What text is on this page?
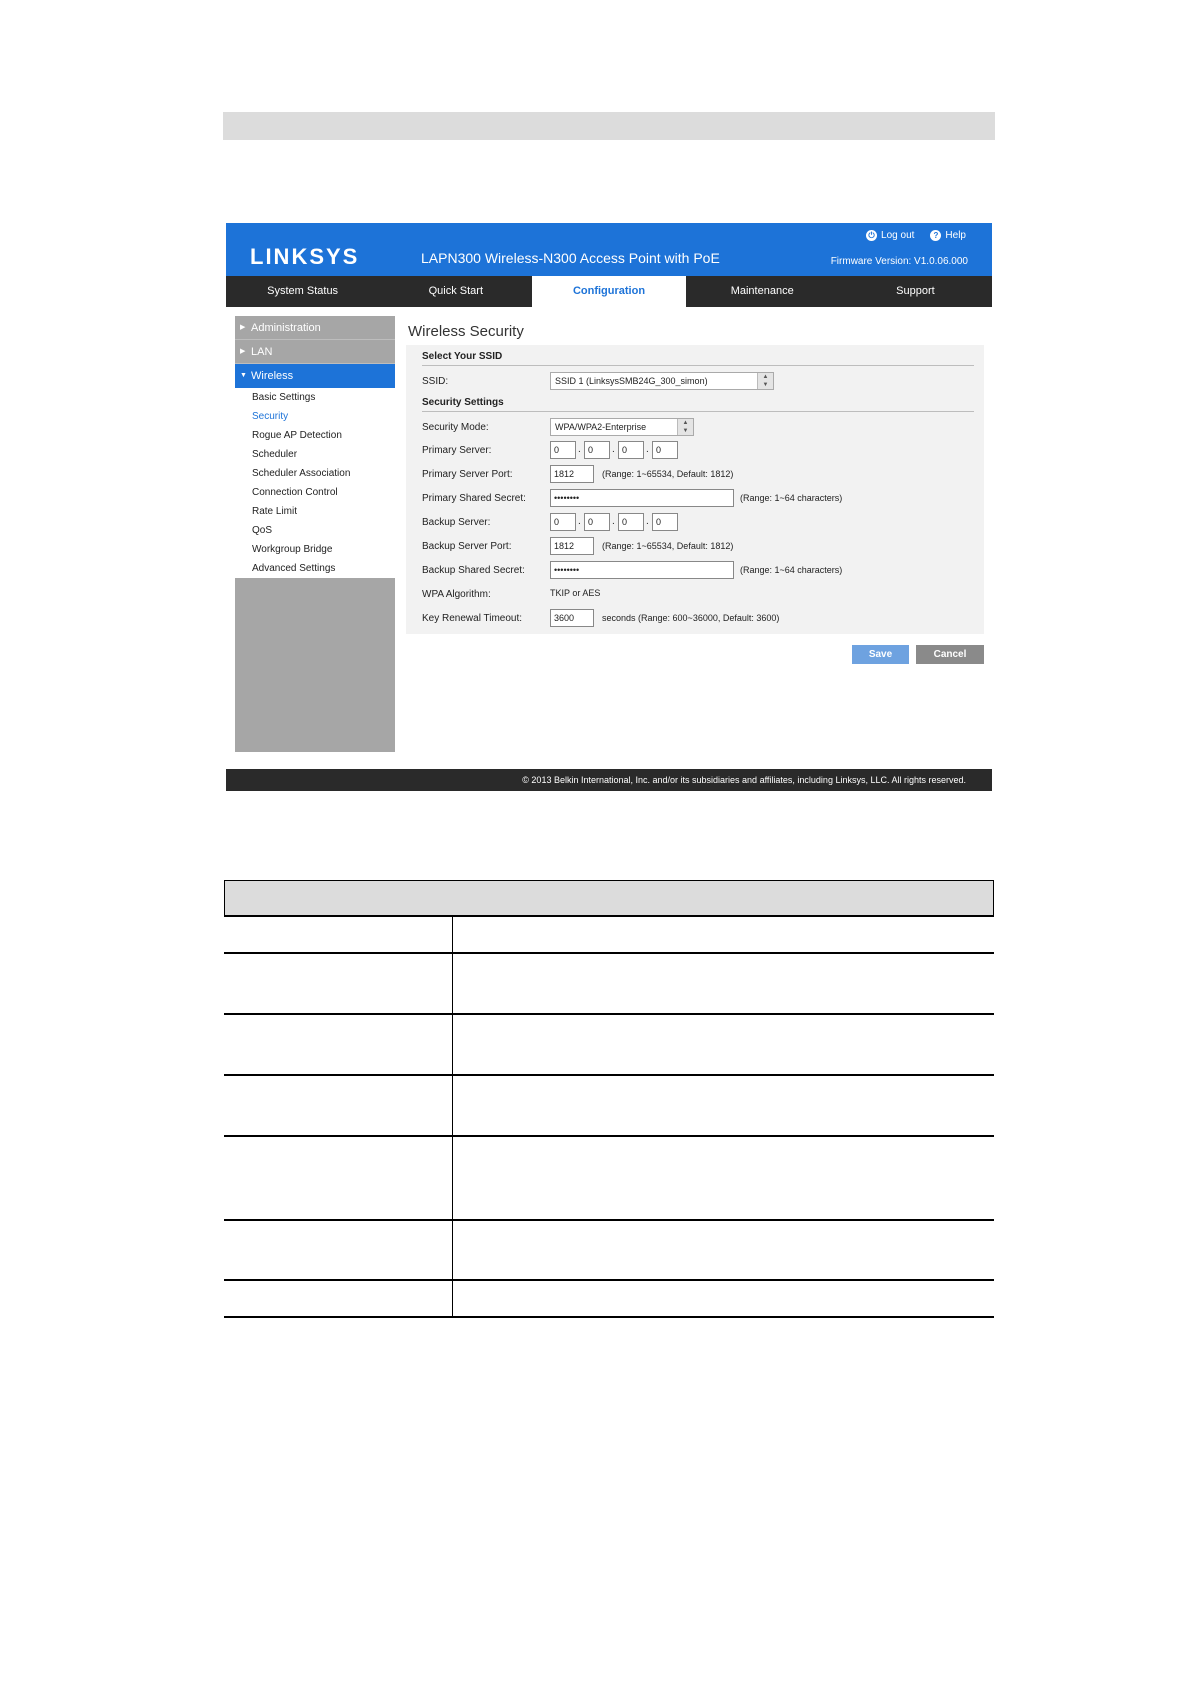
LINKSYS	LAPN300 Wireless-N300 Access Point with PoE
⏻ Log out	? Help
Firmware Version: V1.0.06.000
System Status	Quick Start	Configuration	Maintenance	Support
▶ Administration
▶ LAN
▼ Wireless
Basic Settings
Security
Rogue AP Detection
Scheduler
Scheduler Association
Connection Control
Rate Limit
QoS
Workgroup Bridge
Advanced Settings
Wireless Security
Select Your SSID
SSID:	SSID 1 (LinksysSMB24G_300_simon)	▲
▼
Security Settings
Security Mode:	WPA/WPA2-Enterprise	▲
▼
Primary Server:	0	. 0	. 0	. 0
Primary Server Port:	1812	(Range: 1~65534, Default: 1812)
Primary Shared Secret:	••••••••	(Range: 1~64 characters)
Backup Server:	0	. 0	. 0	. 0
Backup Server Port:	1812	(Range: 1~65534, Default: 1812)
Backup Shared Secret:	••••••••	(Range: 1~64 characters)
WPA Algorithm:	TKIP or AES
Key Renewal Timeout:	3600	seconds (Range: 600~36000, Default: 3600)
Save	Cancel
© 2013 Belkin International, Inc. and/or its subsidiaries and affiliates, including Linksys, LLC. All rights reserved.
